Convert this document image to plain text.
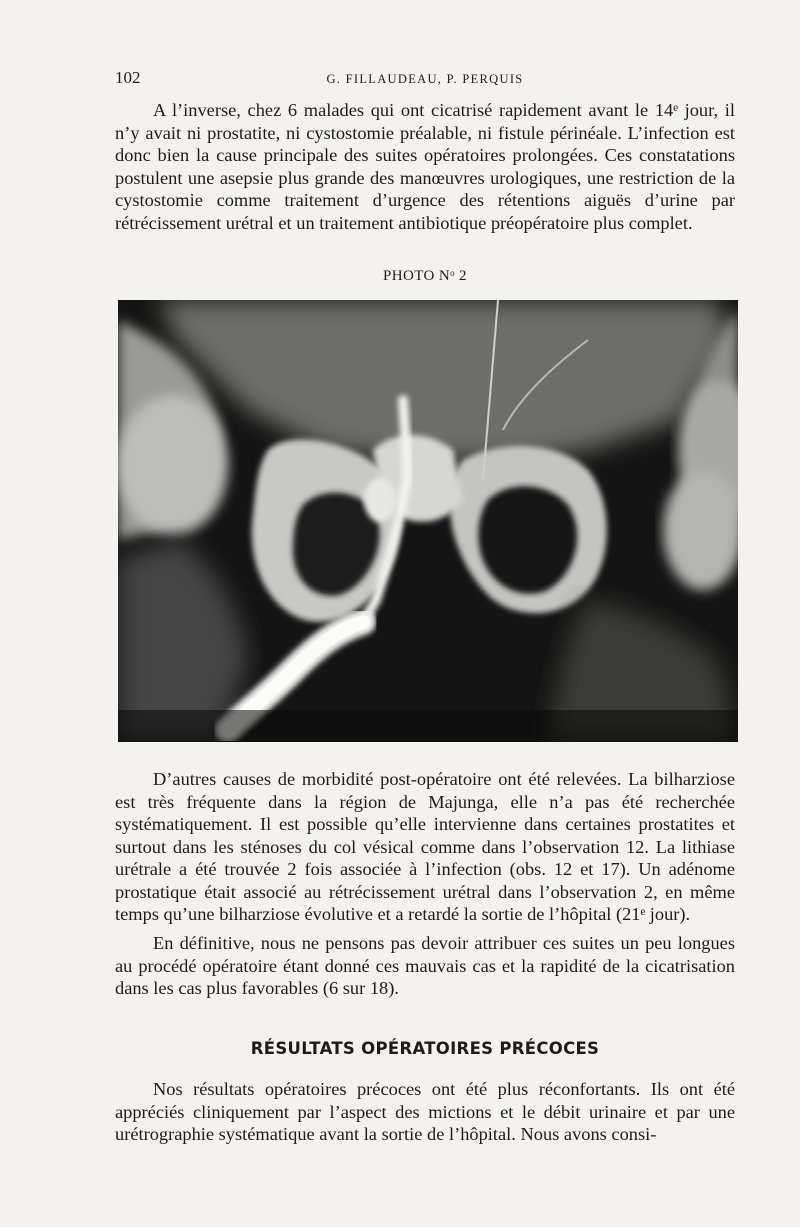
102	G. FILLAUDEAU, P. PERQUIS

A l’inverse, chez 6 malades qui ont cicatrisé rapidement avant le 14ᵉ jour, il n’y avait ni prostatite, ni cystostomie préalable, ni fistule périnéale. L’infection est donc bien la cause principale des suites opératoires prolongées. Ces constatations postulent une asepsie plus grande des manœuvres urologiques, une restriction de la cystostomie comme traitement d’urgence des rétentions aiguës d’urine par rétrécissement urétral et un traitement antibiotique préopératoire plus complet.

PHOTO Nᵒ 2

D’autres causes de morbidité post-opératoire ont été relevées. La bilharziose est très fréquente dans la région de Majunga, elle n’a pas été recherchée systématiquement. Il est possible qu’elle intervienne dans certaines prostatites et surtout dans les sténoses du col vésical comme dans l’observation 12. La lithiase urétrale a été trouvée 2 fois associée à l’infection (obs. 12 et 17). Un adénome prostatique était associé au rétrécissement urétral dans l’observation 2, en même temps qu’une bilharziose évolutive et a retardé la sortie de l’hôpital (21ᵉ jour).

En définitive, nous ne pensons pas devoir attribuer ces suites un peu longues au procédé opératoire étant donné ces mauvais cas et la rapidité de la cicatrisation dans les cas plus favorables (6 sur 18).

RÉSULTATS OPÉRATOIRES PRÉCOCES

Nos résultats opératoires précoces ont été plus réconfortants. Ils ont été appréciés cliniquement par l’aspect des mictions et le débit urinaire et par une urétrographie systématique avant la sortie de l’hôpital. Nous avons consi-
